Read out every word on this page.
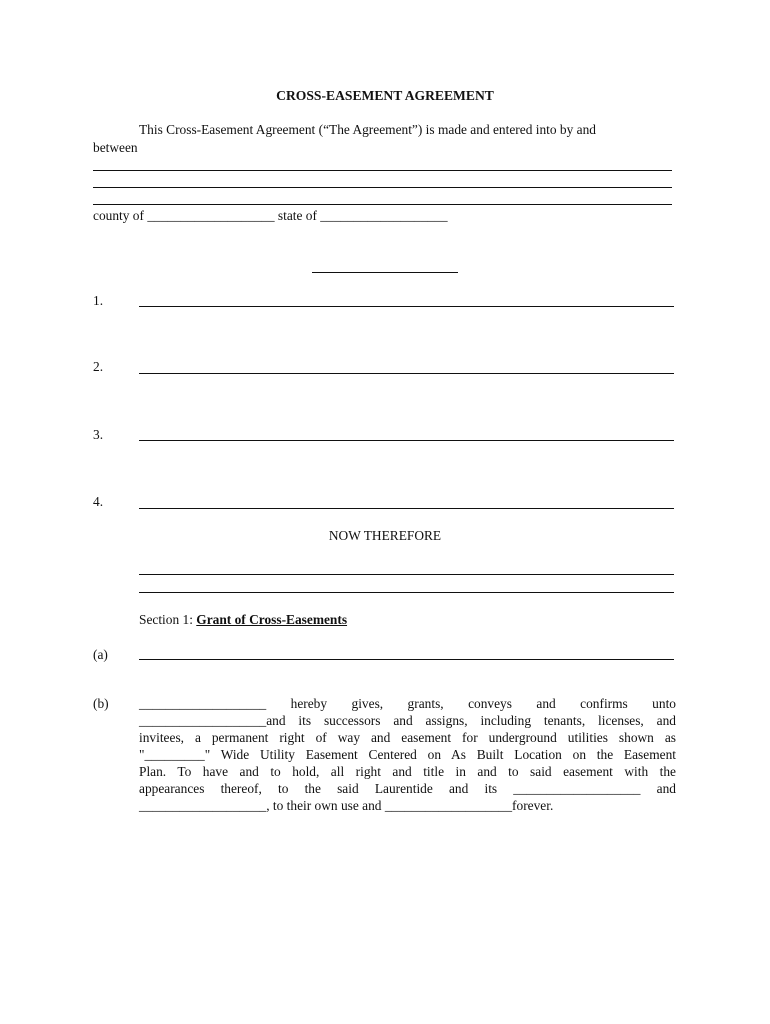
CROSS-EASEMENT AGREEMENT
This Cross-Easement Agreement (“The Agreement”) is made and entered into by and
between
county of ___________________ state of ___________________
1.
2.
3.
4.
NOW THEREFORE
Section 1: Grant of Cross-Easements
(a)
(b) ___________________ hereby gives, grants, conveys and confirms unto
___________________and its successors and assigns, including tenants, licenses, and
invitees, a permanent right of way and easement for underground utilities shown as
"_________" Wide Utility Easement Centered on As Built Location on the Easement
Plan. To have and to hold, all right and title in and to said easement with the
appearances thereof, to the said Laurentide and its ___________________ and
___________________, to their own use and ___________________forever.
